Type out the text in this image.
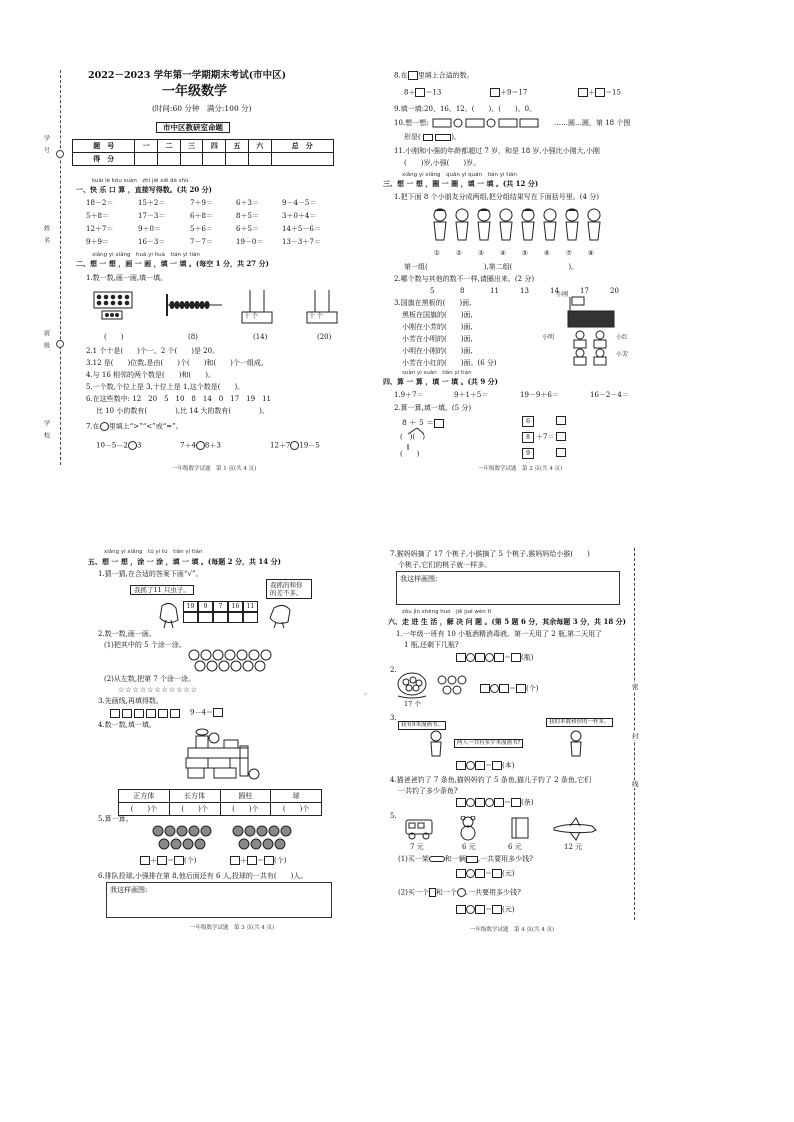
学　号
姓　名
班　级
学　校
2022－2023 学年第一学期期末考试(市中区)
一年级数学
(时间:60 分钟　满分:100 分)
市中区教研室命题
题　号	一	二	三	四	五	六	总　分
得　分							
kuài lè kǒu suàn　zhí jiē xiě dé shù
一、快 乐 口 算 ，直接写得数。(共 20 分)
18－2＝	15＋2＝	7＋9＝	6＋3＝	9－4－5＝
5＋8＝	17－3＝	6＋8＝	8＋5＝	3＋0＋4＝
12＋7＝	9＋0＝	5＋6＝	6＋5＝	14＋5－6＝
9＋9＝	16－3＝	7－7＝	19－0＝	13－3＋7＝
xiǎng yi xiǎng　huà yi huà　tián yi tián
二、想 一 想 ，画 一 画 ，填 一 填 。(每空 1 分，共 27 分)
1.数一数,画一画,填一填。
十 个	十 个
(　　)	(8)	(14)	(20)
2.1 个十是(　　)个一。2 个(　　)是 20。
3.12 是(　　)位数,是由(　　)个(　　)和(　　)个一组成。
4.与 16 相邻的两个数是(　　)和(　　)。
5.一个数,个位上是 3,十位上是 1,这个数是(　　)。
6.在这些数中: 12　20　5　10　8　14　0　17　19　11
比 10 小的数有(　　　　),比 14 大的数有(　　　　)。
7.在 里填上“>”“<”或“=”。
10－5－2 3	7＋4 8＋3	12＋7 19－5
一年级数学试题　第 1 页(共 4 页)
8.在 里填上合适的数。
8＋ ＝13	＋9＝17	＋ ＝15
9.填一填:20、16、12、(　　)、(　　)、0。
10.想一想:	……圆…圆，第 18 个图
形是(	)。
11.小刚和小强的年龄都超过 7 岁，和是 18 岁,小强比小刚大,小刚
(　　)岁,小强(　　)岁。
xiǎng yi xiǎng　quān yi quān　tián yi tián
三、想 一 想 ，圈 一 圈 ，填 一 填 。(共 12 分)
1.把下面 8 个小朋友分成两组,把分组结果写在下面括号里。(4 分)
①	②	③	④	⑤	⑥	⑦	⑧
第一组(　　　　　　　　),第二组(　　　　　　　　)。
2.哪个数与其他的数不一样,请圈出来。(2 分)
5	8	11	13	14	17	20
3.国旗在黑板的(　　)面,
黑板在国旗的(　　)面,
小刚在小芳的(　　)面,
小芳在小明的(　　)面,
小明在小刚的(　　)面,
小芳在小红的(　　)面。(6 分)
小刚
小红
小明
小芳
suàn yi suàn　tián yi tián
四、算 一 算 ，填 一 填 。(共 9 分)
1.9＋7＝	9＋1＋5＝	19－9＋6＝	16－2－4＝
2.算一算,填一填。(5 分)
8 ＋ 5 ＝
(　)(　)
(　　)
6
8 ＋7＝
9
一年级数学试题　第 2 页(共 4 页)
xiǎng yi xiǎng　tú yi tú　tián yi tián
五、想 一 想 ，涂 一 涂 ，填 一 填 。(每题 2 分，共 14 分)
1.猜一猜,在合适的答案下画“√”。
我抓了11 只虫子。
我抓的和你的差不多。
19	9	7	16	11
2.数一数,画一画。
(1)把其中的 5 个涂一涂。
(2)从左数,把第 7 个涂一涂。
☆☆☆☆☆☆☆☆☆☆☆
3.先画线,再填得数。
9－4＝
4.数一数,填一填。
正方体	长方体	圆柱	球
(　　)个	(　　)个	(　　)个	(　　)个
5.算一算。
＋ ＝ (个)	＋ ＝ (个)
6.排队投球,小强排在第 8,他后面还有 6 人,投球的一共有(　　)人。
我这样画图:
一年级数学试题　第 3 页(共 4 页)
密
封
线
7.猴妈妈摘了 17 个桃子,小猴摘了 5 个桃子,猴妈妈给小猴(　　)
个桃子,它们的桃子就一样多。
我这样画图:
zǒu jìn shēng huó　jiě jué wèn tí
六、走 进 生 活 ，解 决 问 题 。(第 5 题 6 分，其余每题 3 分，共 18 分)
1.一年级一班有 10 小瓶酒精消毒液。第一天用了 2 瓶,第二天用了
1 瓶,还剩下几瓶?
＝ (瓶)
2.
17 个
＝ (个)
3.
我有9本漫画书。
两人一共有多少本漫画书?
我的本数和你的一样多。
＝ (本)
4.猫爸爸钓了 7 条鱼,猫妈妈钓了 5 条鱼,猫儿子钓了 2 条鱼,它们
一共钓了多少条鱼?
＝ (条)
5.
7 元	6 元	6 元	12 元
(1)买一架 和一辆 ,一共要用多少钱?
＝ (元)
(2)买一个 和一个 ,一共要用多少钱?
＝ (元)
一年级数学试题　第 4 页(共 4 页)
▵
